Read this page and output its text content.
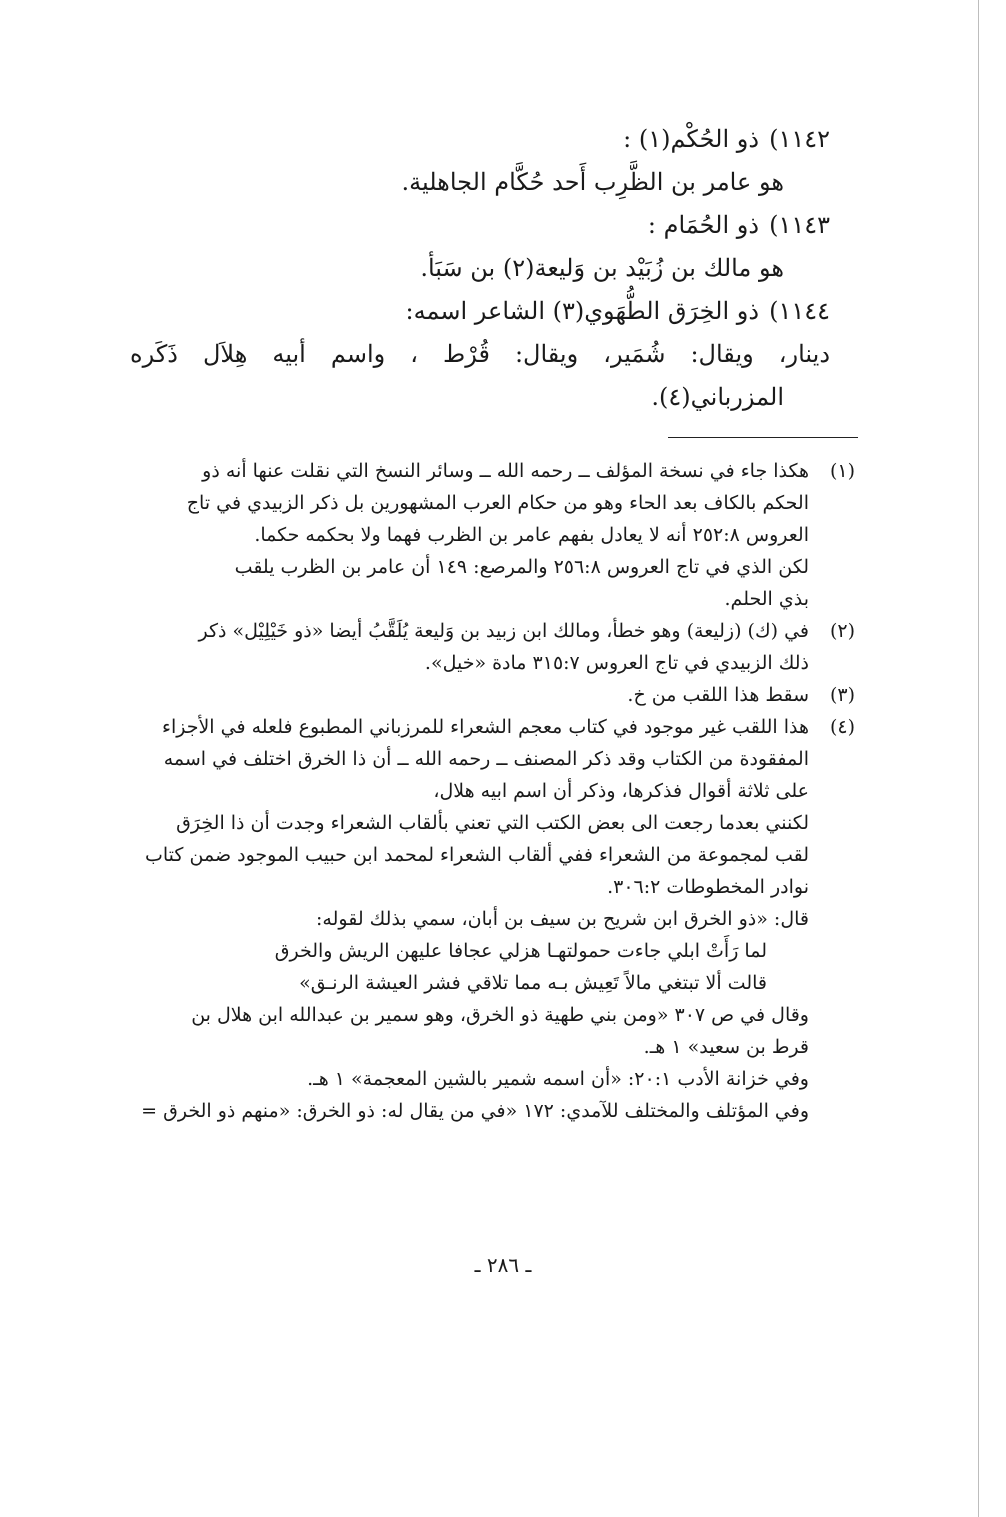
١١٤٢)ذو الحُكْم(١) :
هو عامر بن الظَّرِب أَحد حُكَّام الجاهلية.
١١٤٣)ذو الحُمَام :
هو مالك بن زُبَيْد بن وَليعة(٢) بن سَبَأ.
١١٤٤)ذو الخِرَق الطُّهَوي(٣) الشاعر اسمه:
دينار، ويقال: شُمَير، ويقال: قُرْط ، واسم أبيه هِلاَل ذَكَره
المزرباني(٤).
(١)
هكذا جاء في نسخة المؤلف ــ رحمه الله ــ وسائر النسخ التي نقلت عنها أنه ذو
الحكم بالكاف بعد الحاء وهو من حكام العرب المشهورين بل ذكر الزبيدي في تاج
العروس ٢٥٢:٨ أنه لا يعادل بفهم عامر بن الظرب فهما ولا بحكمه حكما.
لكن الذي في تاج العروس ٢٥٦:٨ والمرصع: ١٤٩ أن عامر بن الظرب يلقب
بذي الحلم.
(٢)
في (ك) (زليعة) وهو خطأ، ومالك ابن زبيد بن وَليعة يُلَقَّبُ أيضا «ذو خَيْلِيْل» ذكر
ذلك الزبيدي في تاج العروس ٣١٥:٧ مادة «خيل».
(٣)
سقط هذا اللقب من خ.
(٤)
هذا اللقب غير موجود في كتاب معجم الشعراء للمرزباني المطبوع فلعله في الأجزاء
المفقودة من الكتاب وقد ذكر المصنف ــ رحمه الله ــ أن ذا الخرق اختلف في اسمه
على ثلاثة أقوال فذكرها، وذكر أن اسم ابيه هلال،
لكنني بعدما رجعت الى بعض الكتب التي تعني بألقاب الشعراء وجدت أن ذا الخِرَق
لقب لمجموعة من الشعراء ففي ألقاب الشعراء لمحمد ابن حبيب الموجود ضمن كتاب
نوادر المخطوطات ٣٠٦:٢.
قال: «ذو الخرق ابن شريح بن سيف بن أبان، سمي بذلك لقوله:
لما رَأَتْ ابلي جاءت حمولتهـا هزلي عجافا عليهن الريش والخرق
قالت ألا تبتغي مالاً تَعِيش بـه مما تلاقي فشر العيشة الرنـق»
وقال في ص ٣٠٧ «ومن بني طهية ذو الخرق، وهو سمير بن عبدالله ابن هلال بن
قرط بن سعيد» ١ هـ.
وفي خزانة الأدب ٢٠:١: «أن اسمه شمير بالشين المعجمة» ١ هـ.
وفي المؤتلف والمختلف للآمدي: ١٧٢ «في من يقال له: ذو الخرق: «منهم ذو الخرق =
ـ ٢٨٦ ـ
